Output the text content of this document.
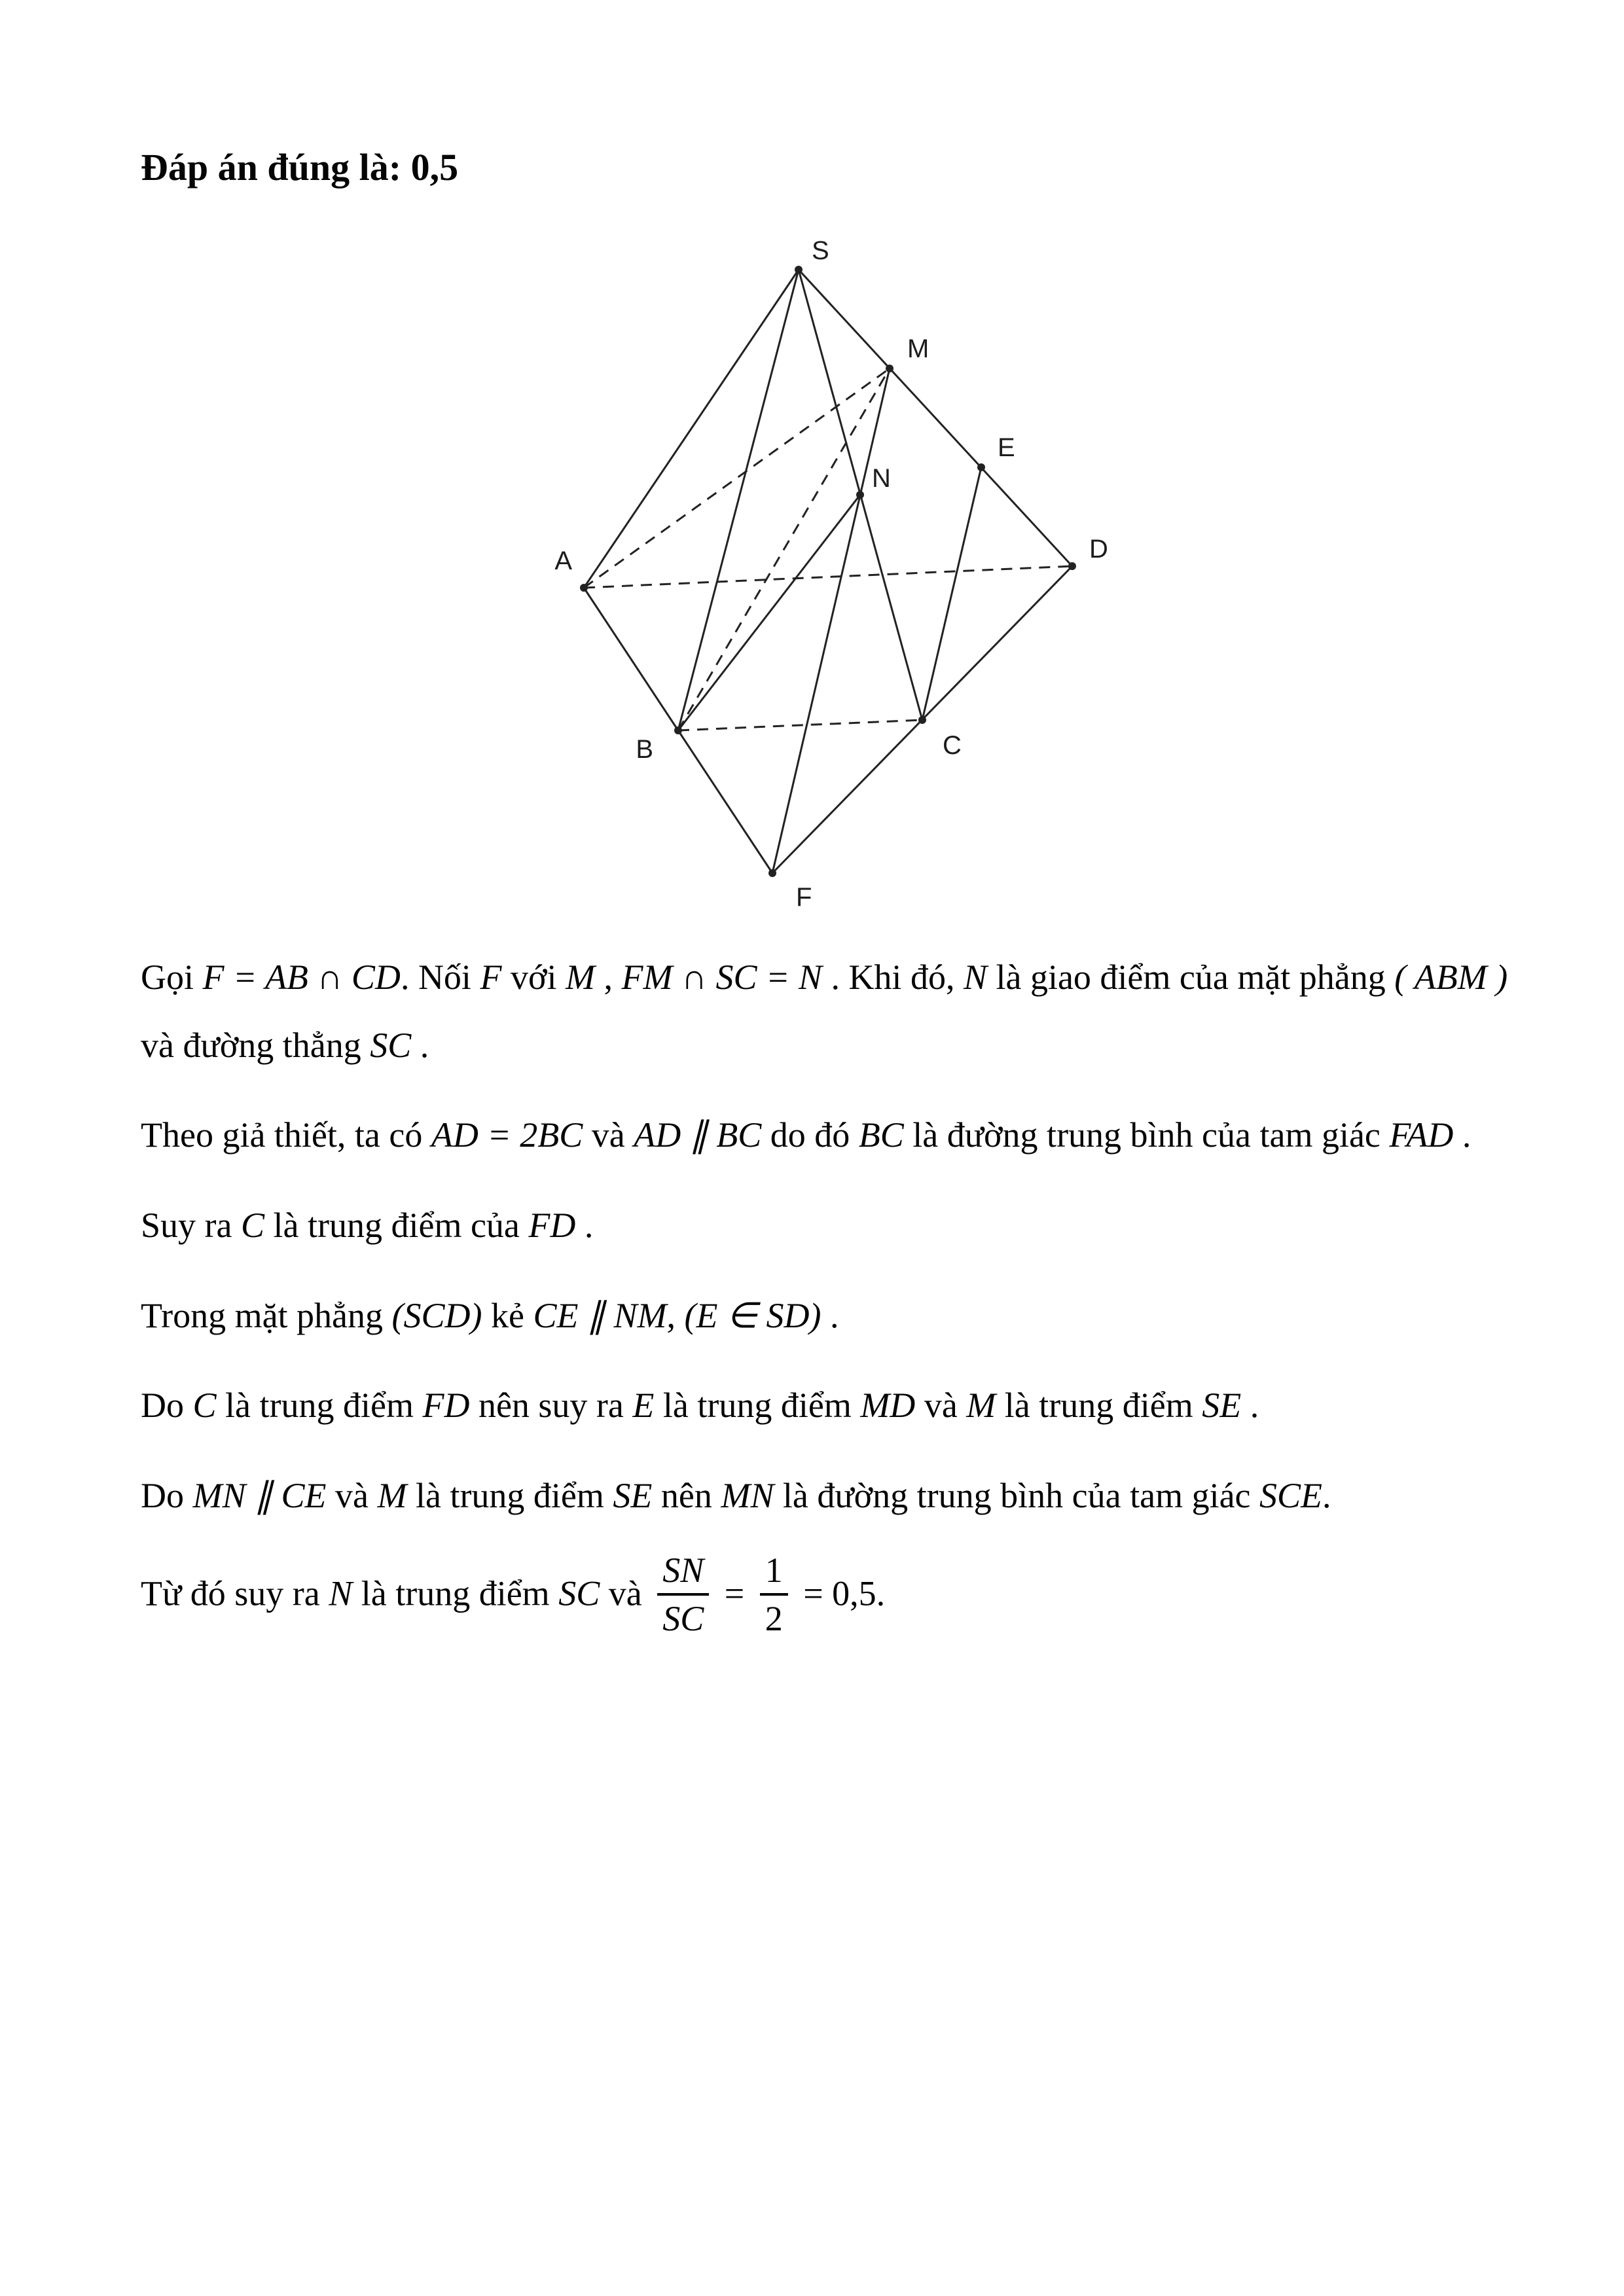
Đáp án đúng là: 0,5
S
M
E
N
A	D
B	C
F

Gọi F = AB ∩ CD. Nối F với M , FM ∩ SC = N . Khi đó, N là giao điểm của mặt phẳng ( ABM ) và đường thẳng SC .

Theo giả thiết, ta có AD = 2BC và AD ∥ BC do đó BC là đường trung bình của tam giác FAD .

Suy ra C là trung điểm của FD .

Trong mặt phẳng (SCD) kẻ CE ∥ NM, (E ∈ SD) .

Do C là trung điểm FD nên suy ra E là trung điểm MD và M là trung điểm SE .

Do MN ∥ CE và M là trung điểm SE nên MN là đường trung bình của tam giác SCE.

Từ đó suy ra N là trung điểm SC và $\frac{SN}{SC} = \frac{1}{2} = 0,5$.
